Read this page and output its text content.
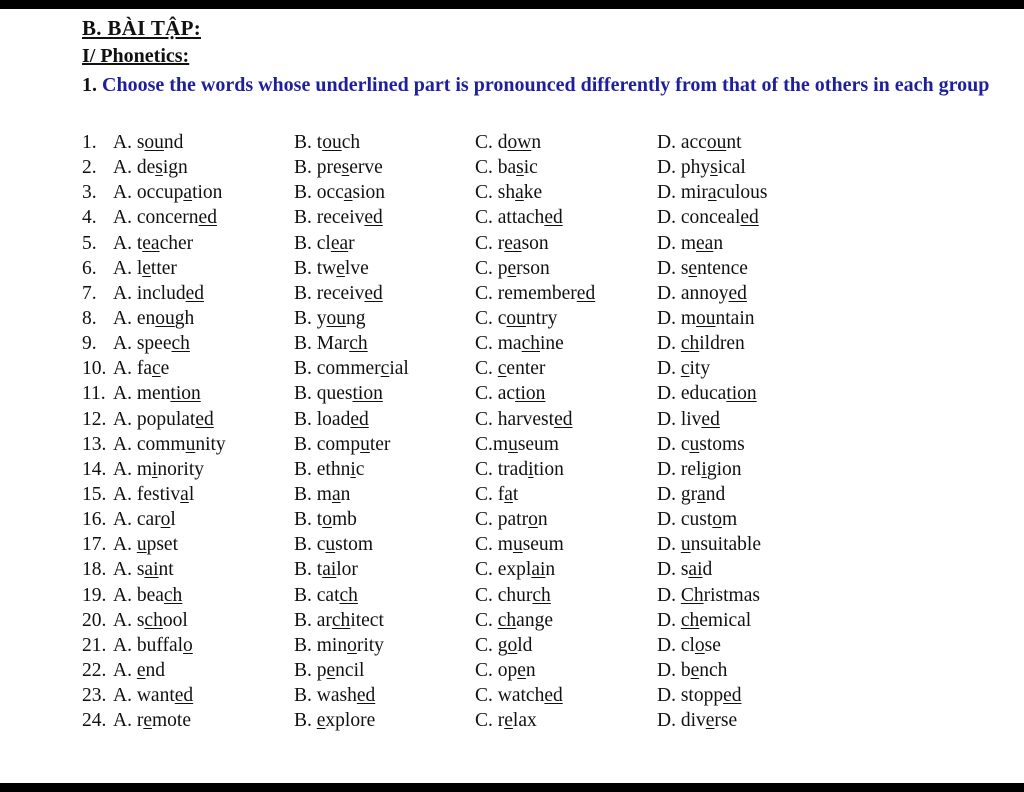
B. BÀI TẬP:
I/ Phonetics:
1. Choose the words whose underlined part is pronounced differently from that of the others in each group
1. A. sound	B. touch	C. down	D. account
2. A. design	B. preserve	C. basic	D. physical
3. A. occupation	B. occasion	C. shake	D. miraculous
4. A. concerned	B. received	C. attached	D. concealed
5. A. teacher	B. clear	C. reason	D. mean
6. A. letter	B. twelve	C. person	D. sentence
7. A. included	B. received	C. remembered	D. annoyed
8. A. enough	B. young	C. country	D. mountain
9. A. speech	B. March	C. machine	D. children
10. A. face	B. commercial	C. center	D. city
11. A. mention	B. question	C. action	D. education
12. A. populated	B. loaded	C. harvested	D. lived
13. A. community	B. computer	C.museum	D. customs
14. A. minority	B. ethnic	C. tradition	D. religion
15. A. festival	B. man	C. fat	D. grand
16. A. carol	B. tomb	C. patron	D. custom
17. A. upset	B. custom	C. museum	D. unsuitable
18. A. saint	B. tailor	C. explain	D. said
19. A. beach	B. catch	C. church	D. Christmas
20. A. school	B. architect	C. change	D. chemical
21. A. buffalo	B. minority	C. gold	D. close
22. A. end	B. pencil	C. open	D. bench
23. A. wanted	B. washed	C. watched	D. stopped
24. A. remote	B. explore	C. relax	D. diverse
